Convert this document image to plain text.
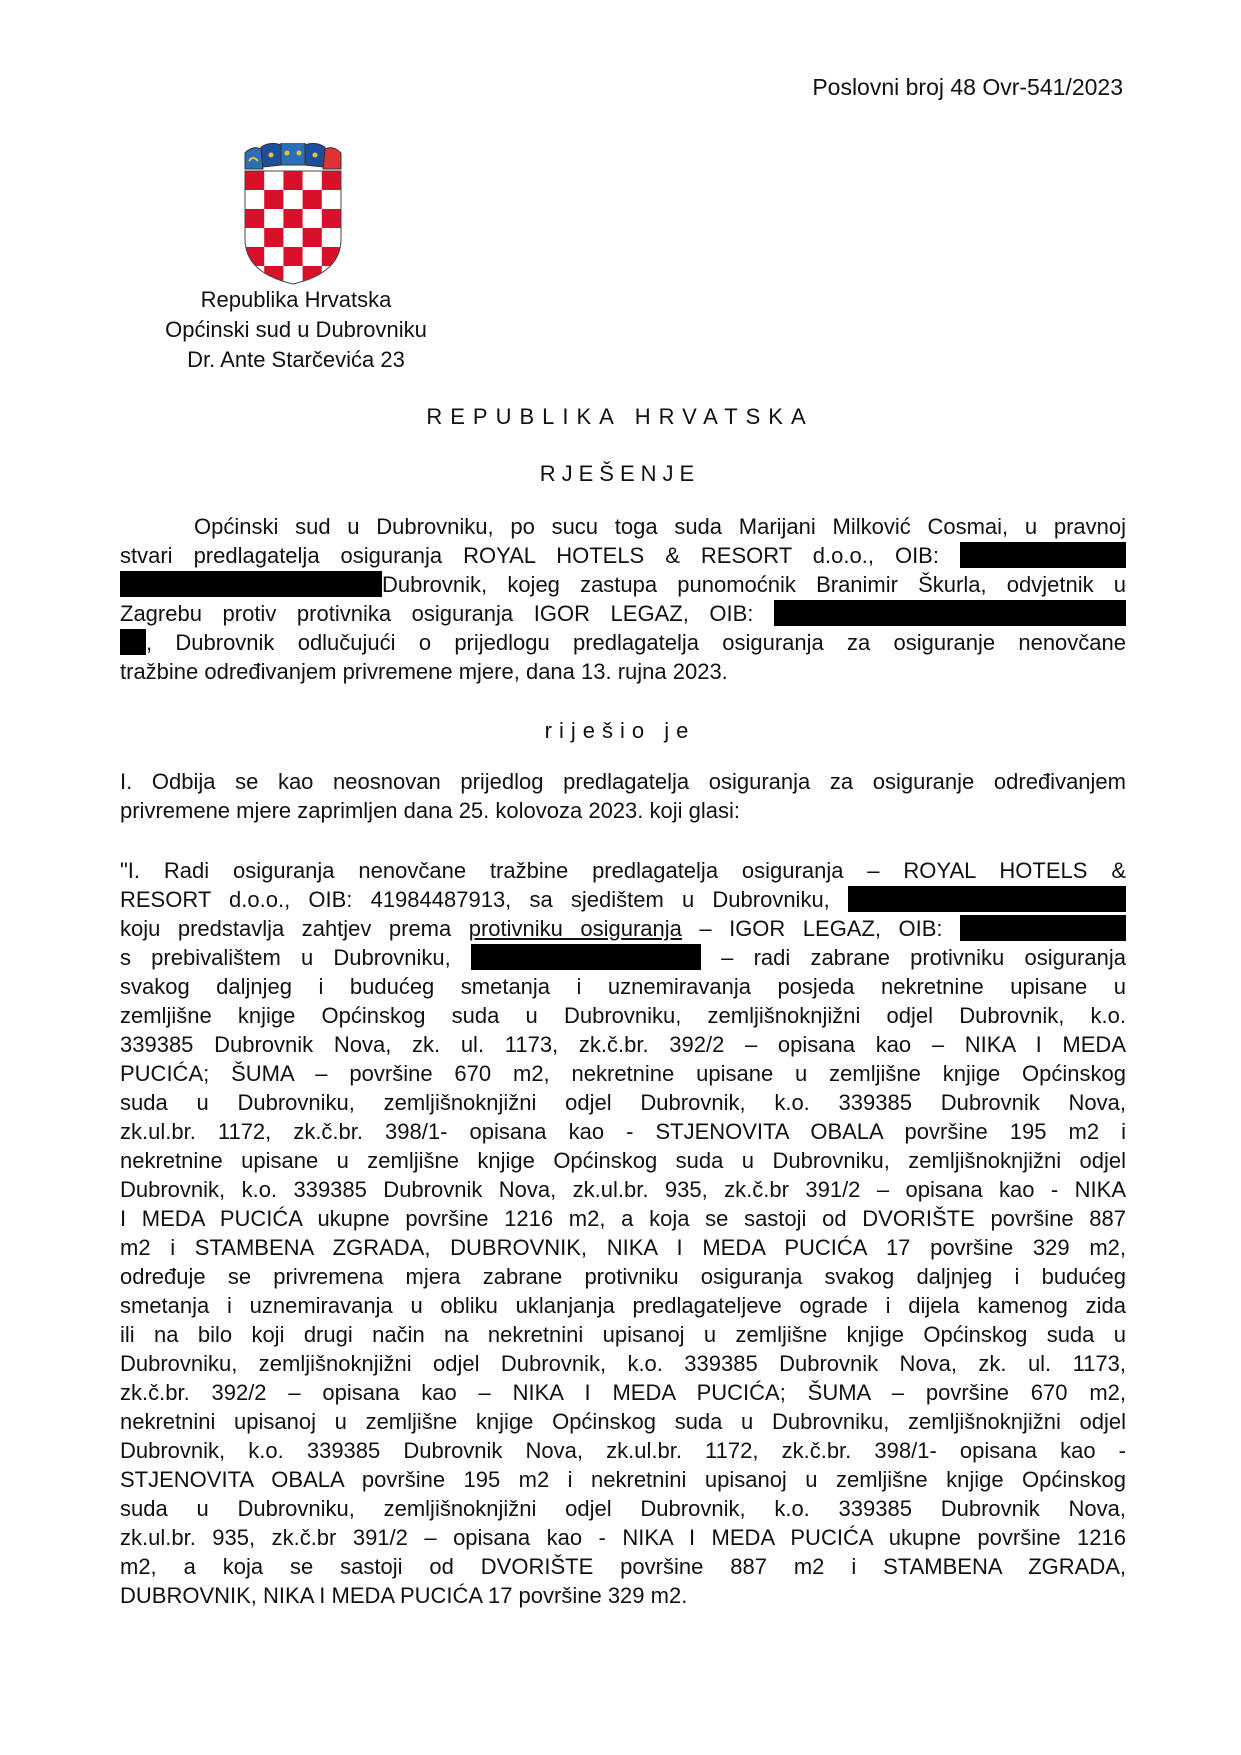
Poslovni broj 48 Ovr-541/2023
Republika Hrvatska
Općinski sud u Dubrovniku
Dr. Ante Starčevića 23
REPUBLIKA HRVATSKA
RJEŠENJE
Općinski sud u Dubrovniku, po sucu toga suda Marijani Milković Cosmai, u pravnoj
stvari predlagatelja osiguranja ROYAL HOTELS & RESORT d.o.o., OIB:
Dubrovnik, kojeg zastupa punomoćnik Branimir Škurla, odvjetnik u
Zagrebu protiv protivnika osiguranja IGOR LEGAZ, OIB:
, Dubrovnik odlučujući o prijedlogu predlagatelja osiguranja za osiguranje nenovčane
tražbine određivanjem privremene mjere, dana 13. rujna 2023.
riješio je
I. Odbija se kao neosnovan prijedlog predlagatelja osiguranja za osiguranje određivanjem
privremene mjere zaprimljen dana 25. kolovoza 2023. koji glasi:
"I. Radi osiguranja nenovčane tražbine predlagatelja osiguranja – ROYAL HOTELS &
RESORT d.o.o., OIB: 41984487913, sa sjedištem u Dubrovniku,
koju predstavlja zahtjev prema protivniku osiguranja – IGOR LEGAZ, OIB:
s prebivalištem u Dubrovniku,	– radi zabrane protivniku osiguranja
svakog daljnjeg i budućeg smetanja i uznemiravanja posjeda nekretnine upisane u
zemljišne knjige Općinskog suda u Dubrovniku, zemljišnoknjižni odjel Dubrovnik, k.o.
339385 Dubrovnik Nova, zk. ul. 1173, zk.č.br. 392/2 – opisana kao – NIKA I MEDA
PUCIĆA; ŠUMA – površine 670 m2, nekretnine upisane u zemljišne knjige Općinskog
suda u Dubrovniku, zemljišnoknjižni odjel Dubrovnik, k.o. 339385 Dubrovnik Nova,
zk.ul.br. 1172, zk.č.br. 398/1- opisana kao - STJENOVITA OBALA površine 195 m2 i
nekretnine upisane u zemljišne knjige Općinskog suda u Dubrovniku, zemljišnoknjižni odjel
Dubrovnik, k.o. 339385 Dubrovnik Nova, zk.ul.br. 935, zk.č.br 391/2 – opisana kao - NIKA
I MEDA PUCIĆA ukupne površine 1216 m2, a koja se sastoji od DVORIŠTE površine 887
m2 i STAMBENA ZGRADA, DUBROVNIK, NIKA I MEDA PUCIĆA 17 površine 329 m2,
određuje se privremena mjera zabrane protivniku osiguranja svakog daljnjeg i budućeg
smetanja i uznemiravanja u obliku uklanjanja predlagateljeve ograde i dijela kamenog zida
ili na bilo koji drugi način na nekretnini upisanoj u zemljišne knjige Općinskog suda u
Dubrovniku, zemljišnoknjižni odjel Dubrovnik, k.o. 339385 Dubrovnik Nova, zk. ul. 1173,
zk.č.br. 392/2 – opisana kao – NIKA I MEDA PUCIĆA; ŠUMA – površine 670 m2,
nekretnini upisanoj u zemljišne knjige Općinskog suda u Dubrovniku, zemljišnoknjižni odjel
Dubrovnik, k.o. 339385 Dubrovnik Nova, zk.ul.br. 1172, zk.č.br. 398/1- opisana kao -
STJENOVITA OBALA površine 195 m2 i nekretnini upisanoj u zemljišne knjige Općinskog
suda u Dubrovniku, zemljišnoknjižni odjel Dubrovnik, k.o. 339385 Dubrovnik Nova,
zk.ul.br. 935, zk.č.br 391/2 – opisana kao - NIKA I MEDA PUCIĆA ukupne površine 1216
m2, a koja se sastoji od DVORIŠTE površine 887 m2 i STAMBENA ZGRADA,
DUBROVNIK, NIKA I MEDA PUCIĆA 17 površine 329 m2.
